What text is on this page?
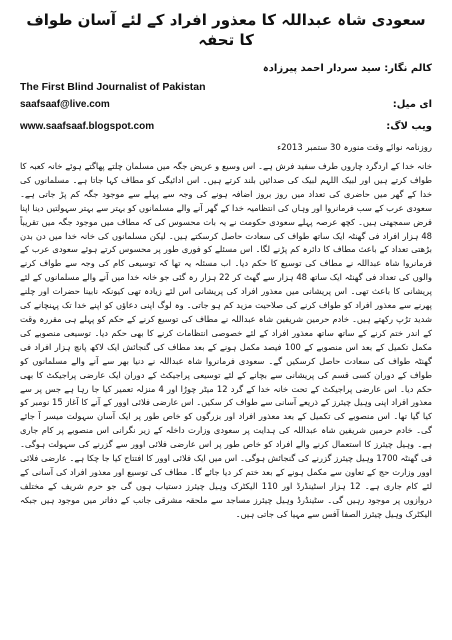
سعودی شاہ عبداللہ کا معذور افراد کے لئے آسان طواف کا تحفہ
کالم نگار: سید سردار احمد پیرزادہ
The First Blind Journalist of Pakistan
saafsaaf@live.com	ای میل:
www.saafsaaf.blogspot.com	ویب لاگ:
روزنامہ نوائے وقت منورہ 30 ستمبر 2013ء

خانہ خدا کے اردگرد چاروں طرف سفید فرش ہے۔ اس وسیع و عریض جگہ میں مسلمان چلتے پھاگتے ہوئے خانہ کعبہ کا طواف کرتے ہیں اور لبیک اللہم لبیک کی صدائیں بلند کرتے ہیں۔ اس ادائیگی کو مطاف کہا جاتا ہے۔ مسلمانوں کی خدا کے گھر میں حاضری کی تعداد میں روز بروز اضافہ ہونے کی وجہ سے پہلے سے موجود جگہ کم پڑ جاتی ہے۔ سعودی عرب کے سب فرمانروا اور وہاں کی انتظامیہ خدا کے گھر آنے والے مسلمانوں کو بہتر سے بہتر سہولتیں دینا اپنا فرض سمجھتی ہیں۔ کچھ عرصہ پہلے سعودی حکومت نے یہ بات محسوس کی کہ مطاف میں موجود جگہ میں تقریباً 48 ہزار افراد فی گھنٹہ ایک ساتھ طواف کی سعادت حاصل کرسکتے ہیں۔ لیکن مسلمانوں کی خانہ خدا میں دن بدن بڑھتی تعداد کے باعث مطاف کا دائرہ کم پڑنے لگا۔ اس مسئلے کو فوری طور پر محسوس کرتے ہوئے سعودی عرب کے فرمانروا شاہ عبداللہ نے مطاف کی توسیع کا حکم دیا۔ اب مسئلہ یہ تھا کہ توسیعی کام کی وجہ سے طواف کرنے والوں کی تعداد فی گھنٹہ ایک ساتھ 48 ہزار سے گھٹ کر 22 ہزار رہ گئی جو خانہ خدا میں آنے والے مسلمانوں کے لئے پریشانی کا باعث تھی۔ اس پریشانی میں معذور افراد کی پریشانی اس لئے زیادہ تھی کیونکہ نابینا حضرات اور چلنے پھرنے سے معذور افراد کو طواف کرنے کی صلاحیت مزید کم ہو جاتی۔ وہ لوگ اپنی دعاؤں کو اپنے خدا تک پہنچانے کی شدید تڑپ رکھتے ہیں۔ خادم حرمین شریفین شاہ عبداللہ نے مطاف کی توسیع کرنے کے حکم کو پہلے ہی مقررہ وقت کے اندر ختم کرنے کے ساتھ ساتھ معذور افراد کے لئے خصوصی انتظامات کرنے کا بھی حکم دیا۔ توسیعی منصوبے کی مکمل تکمیل کے بعد اس منصوبے کے 100 فیصد مکمل ہونے کے بعد مطاف کی گنجائش ایک لاکھ پانچ ہزار افراد فی گھنٹہ طواف کی سعادت حاصل کرسکیں گے۔ سعودی فرمانروا شاہ عبداللہ نے دنیا بھر سے آنے والے مسلمانوں کو طواف کے دوران کسی قسم کی پریشانی سے بچانے کے لئے توسیعی پراجیکٹ کے دوران ایک عارضی پراجیکٹ کا بھی حکم دیا۔ اس عارضی پراجیکٹ کے تحت خانہ خدا کے گرد 12 میٹر چوڑا اور 4 منزلہ تعمیر کیا جا رہا ہے جس پر سے معذور افراد اپنی وہیل چیئرز کے ذریعے آسانی سے طواف کر سکیں۔ اس عارضی فلائی اوور کے آنے کا آغاز 15 نومبر کو کیا گیا تھا۔ اس منصوبے کی تکمیل کے بعد معذور افراد اور بزرگوں کو خاص طور پر ایک آسان سہولت میسر آ جائے گی۔ خادم حرمین شریفین شاہ عبداللہ کی ہدایت پر سعودی وزارت داخلہ کے زیر نگرانی اس منصوبے پر کام جاری ہے۔ وہیل چیئرز کا استعمال کرنے والے افراد کو خاص طور پر اس عارضی فلائی اوور سے گزرنے کی سہولت ہوگی۔ فی گھنٹہ 1700 وہیل چیئرز گزرنے کی گنجائش ہوگی۔ اس میں ایک فلائی اوور کا افتتاح کیا جا چکا ہے۔ عارضی فلائی اوور وزارت حج کے تعاون سے مکمل ہونے کے بعد ختم کر دیا جائے گا۔ مطاف کی توسیع اور معذور افراد کی آسانی کے لئے کام جاری ہے۔ 12 ہزار اسٹینڈرڈ اور 110 الیکٹرک وہیل چیئرز دستیاب ہوں گی جو حرم شریف کے مختلف دروازوں پر موجود رہیں گی۔ سٹینڈرڈ وہیل چیئرز مساجد سے ملحقہ مشرقی جانب کے دفاتر میں موجود ہیں جبکہ الیکٹرک وہیل چیئرز الصفا آفس سے مہیا کی جاتی ہیں۔
